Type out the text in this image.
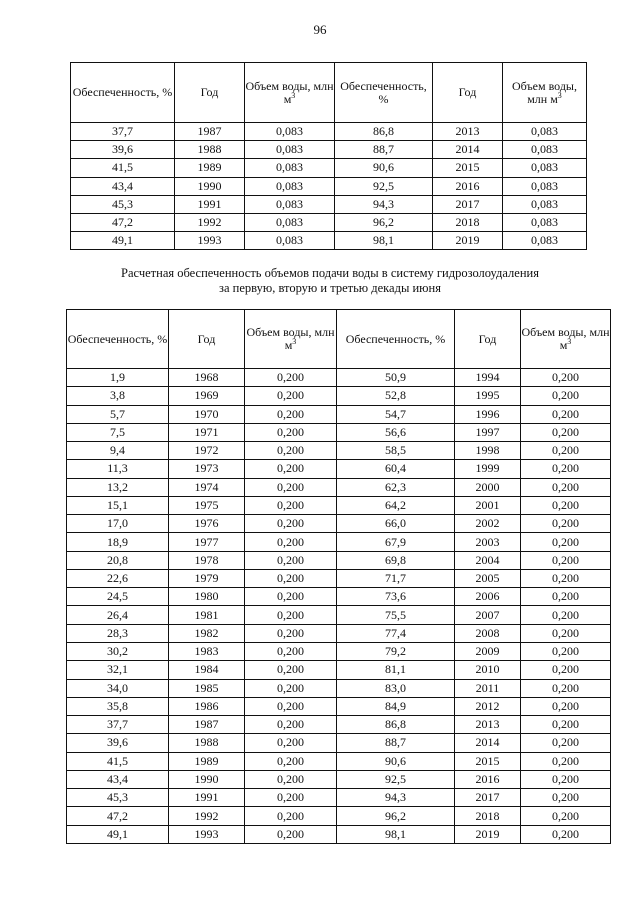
96
Обеспеченность, %	Год	Объем воды, млн $м^3$	Обеспеченность, %	Год	Объем воды, млн $м^3$
37,7	1987	0,083	86,8	2013	0,083
39,6	1988	0,083	88,7	2014	0,083
41,5	1989	0,083	90,6	2015	0,083
43,4	1990	0,083	92,5	2016	0,083
45,3	1991	0,083	94,3	2017	0,083
47,2	1992	0,083	96,2	2018	0,083
49,1	1993	0,083	98,1	2019	0,083
Расчетная обеспеченность объемов подачи воды в систему гидрозолоудаления
за первую, вторую и третью декады июня
Обеспеченность, %	Год	Объем воды, млн $м^3$	Обеспеченность, %	Год	Объем воды, млн $м^3$
1,9	1968	0,200	50,9	1994	0,200
3,8	1969	0,200	52,8	1995	0,200
5,7	1970	0,200	54,7	1996	0,200
7,5	1971	0,200	56,6	1997	0,200
9,4	1972	0,200	58,5	1998	0,200
11,3	1973	0,200	60,4	1999	0,200
13,2	1974	0,200	62,3	2000	0,200
15,1	1975	0,200	64,2	2001	0,200
17,0	1976	0,200	66,0	2002	0,200
18,9	1977	0,200	67,9	2003	0,200
20,8	1978	0,200	69,8	2004	0,200
22,6	1979	0,200	71,7	2005	0,200
24,5	1980	0,200	73,6	2006	0,200
26,4	1981	0,200	75,5	2007	0,200
28,3	1982	0,200	77,4	2008	0,200
30,2	1983	0,200	79,2	2009	0,200
32,1	1984	0,200	81,1	2010	0,200
34,0	1985	0,200	83,0	2011	0,200
35,8	1986	0,200	84,9	2012	0,200
37,7	1987	0,200	86,8	2013	0,200
39,6	1988	0,200	88,7	2014	0,200
41,5	1989	0,200	90,6	2015	0,200
43,4	1990	0,200	92,5	2016	0,200
45,3	1991	0,200	94,3	2017	0,200
47,2	1992	0,200	96,2	2018	0,200
49,1	1993	0,200	98,1	2019	0,200
